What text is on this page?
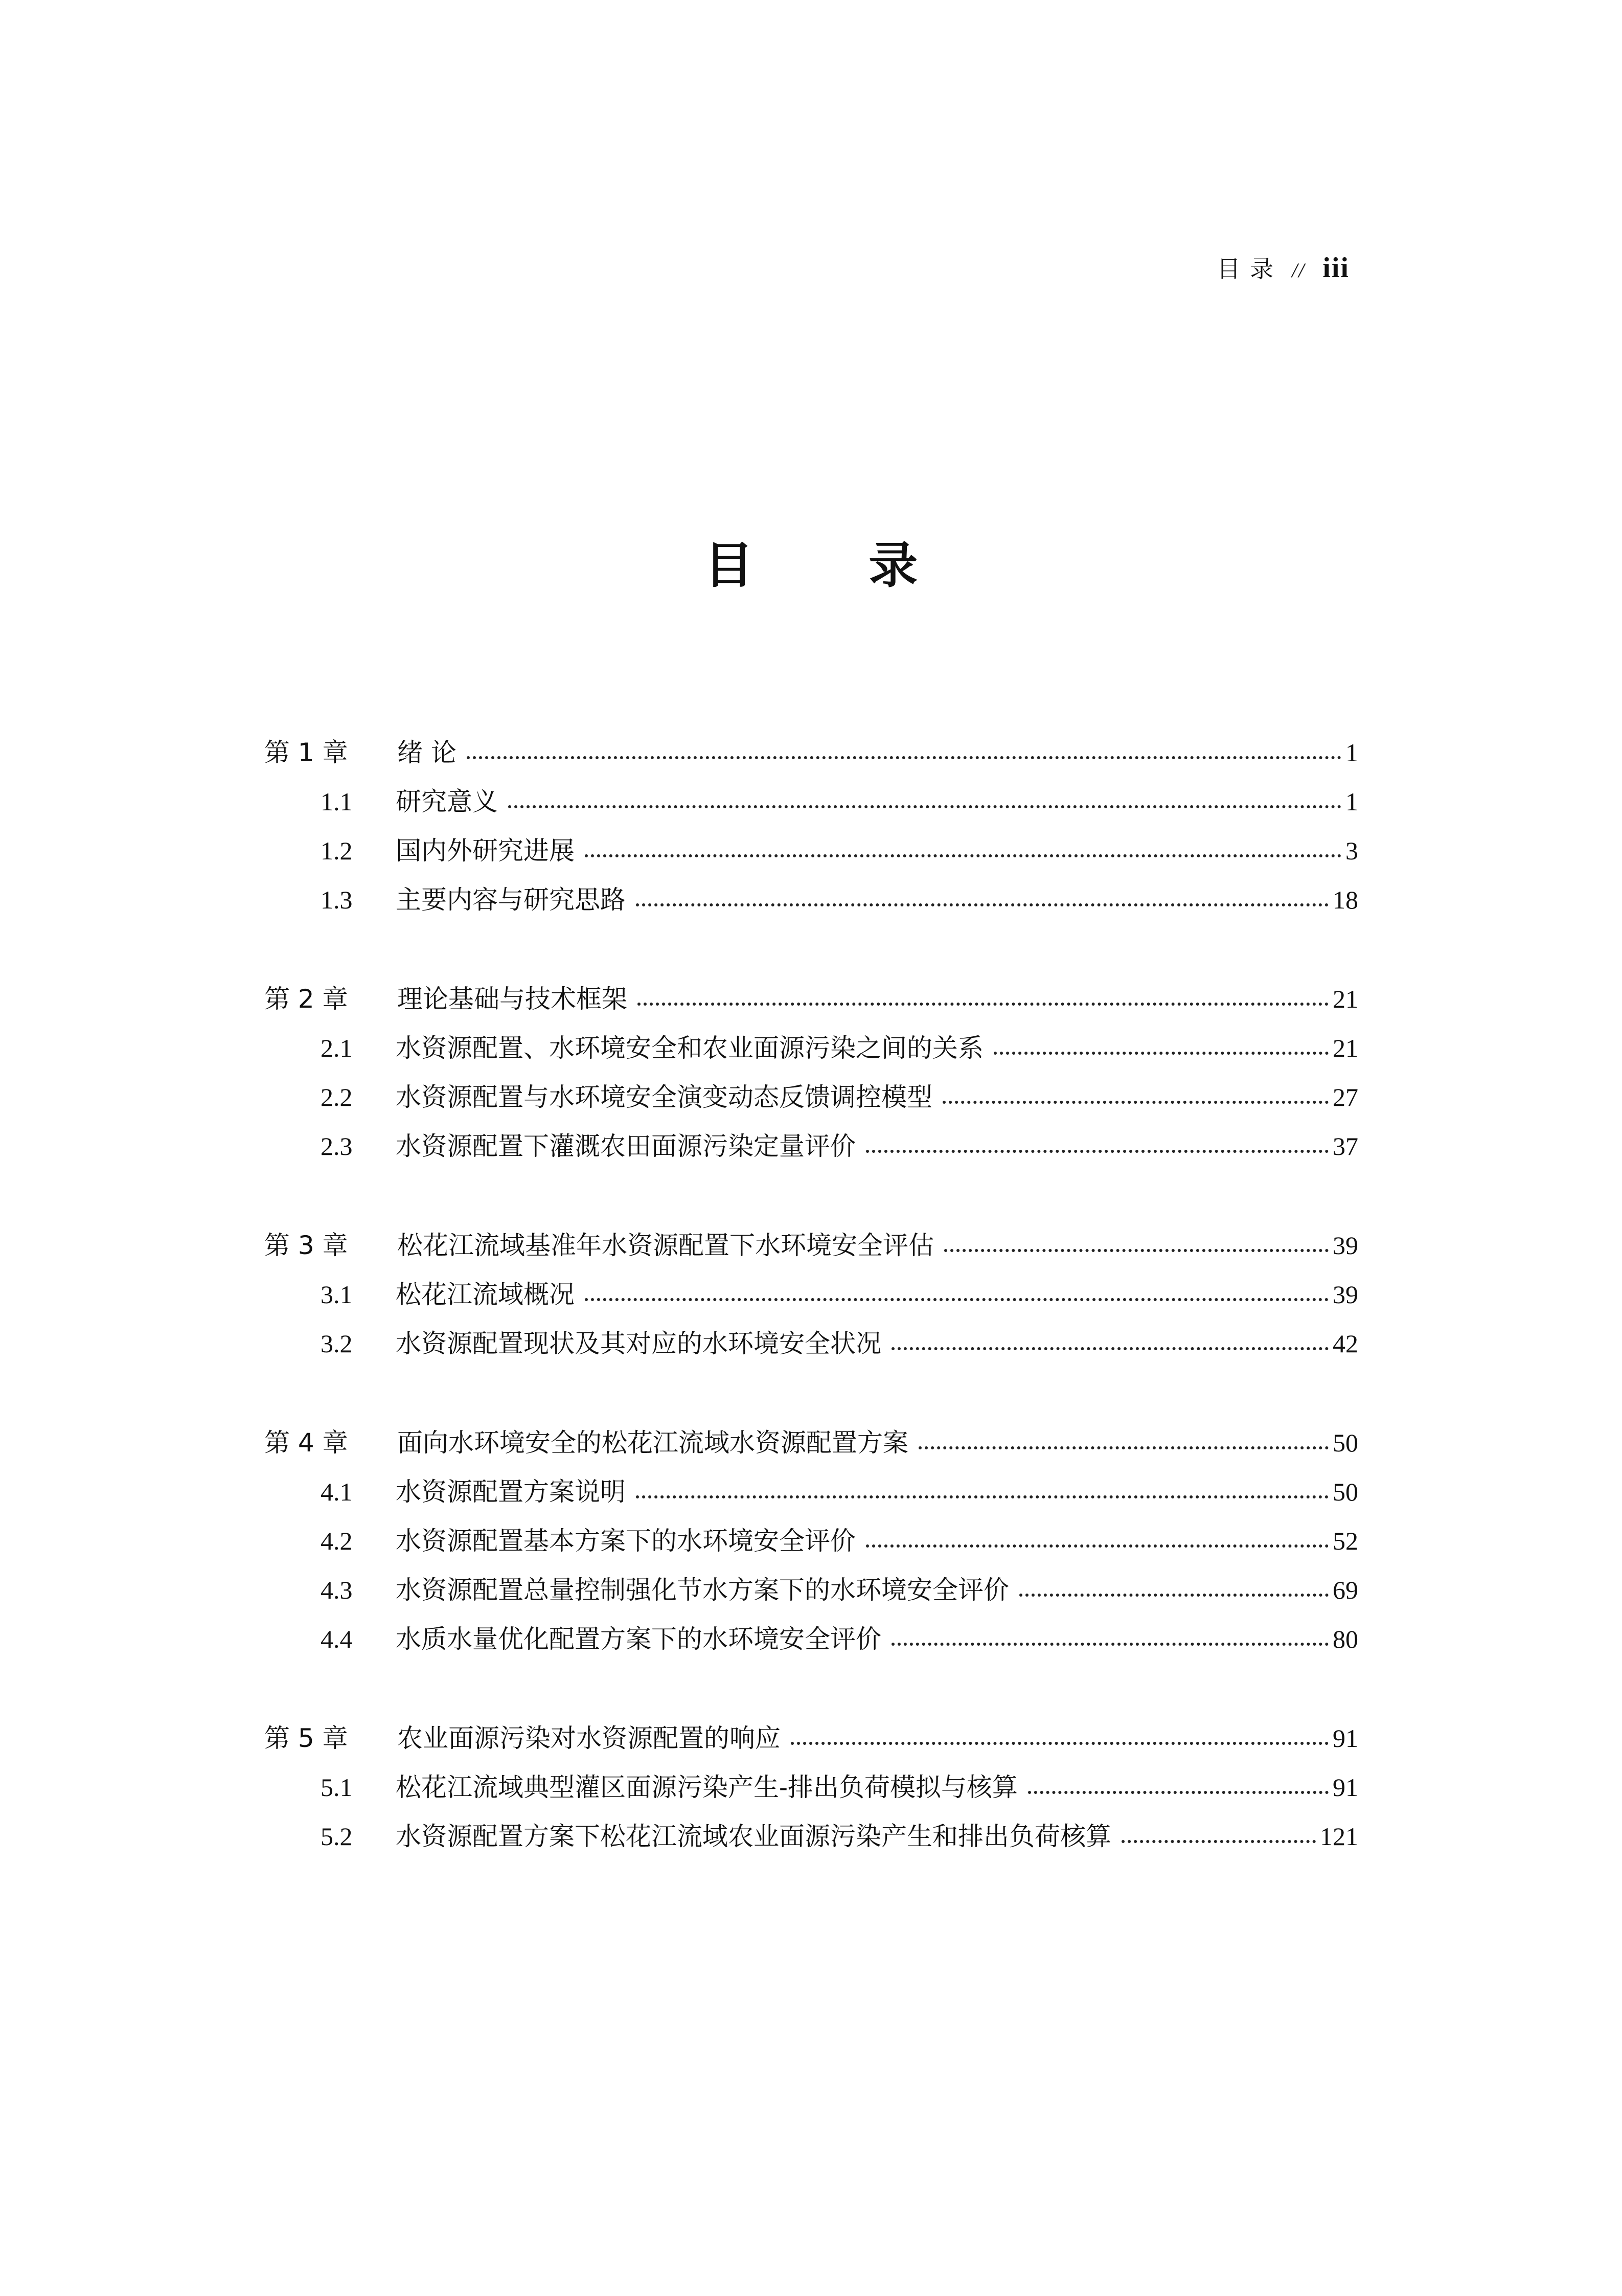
目 录 // iii
目 录
第 1 章	绪 论	1
1.1	研究意义	1
1.2	国内外研究进展	3
1.3	主要内容与研究思路	18
第 2 章	理论基础与技术框架	21
2.1	水资源配置、水环境安全和农业面源污染之间的关系	21
2.2	水资源配置与水环境安全演变动态反馈调控模型	27
2.3	水资源配置下灌溉农田面源污染定量评价	37
第 3 章	松花江流域基准年水资源配置下水环境安全评估	39
3.1	松花江流域概况	39
3.2	水资源配置现状及其对应的水环境安全状况	42
第 4 章	面向水环境安全的松花江流域水资源配置方案	50
4.1	水资源配置方案说明	50
4.2	水资源配置基本方案下的水环境安全评价	52
4.3	水资源配置总量控制强化节水方案下的水环境安全评价	69
4.4	水质水量优化配置方案下的水环境安全评价	80
第 5 章	农业面源污染对水资源配置的响应	91
5.1	松花江流域典型灌区面源污染产生-排出负荷模拟与核算	91
5.2	水资源配置方案下松花江流域农业面源污染产生和排出负荷核算	121
